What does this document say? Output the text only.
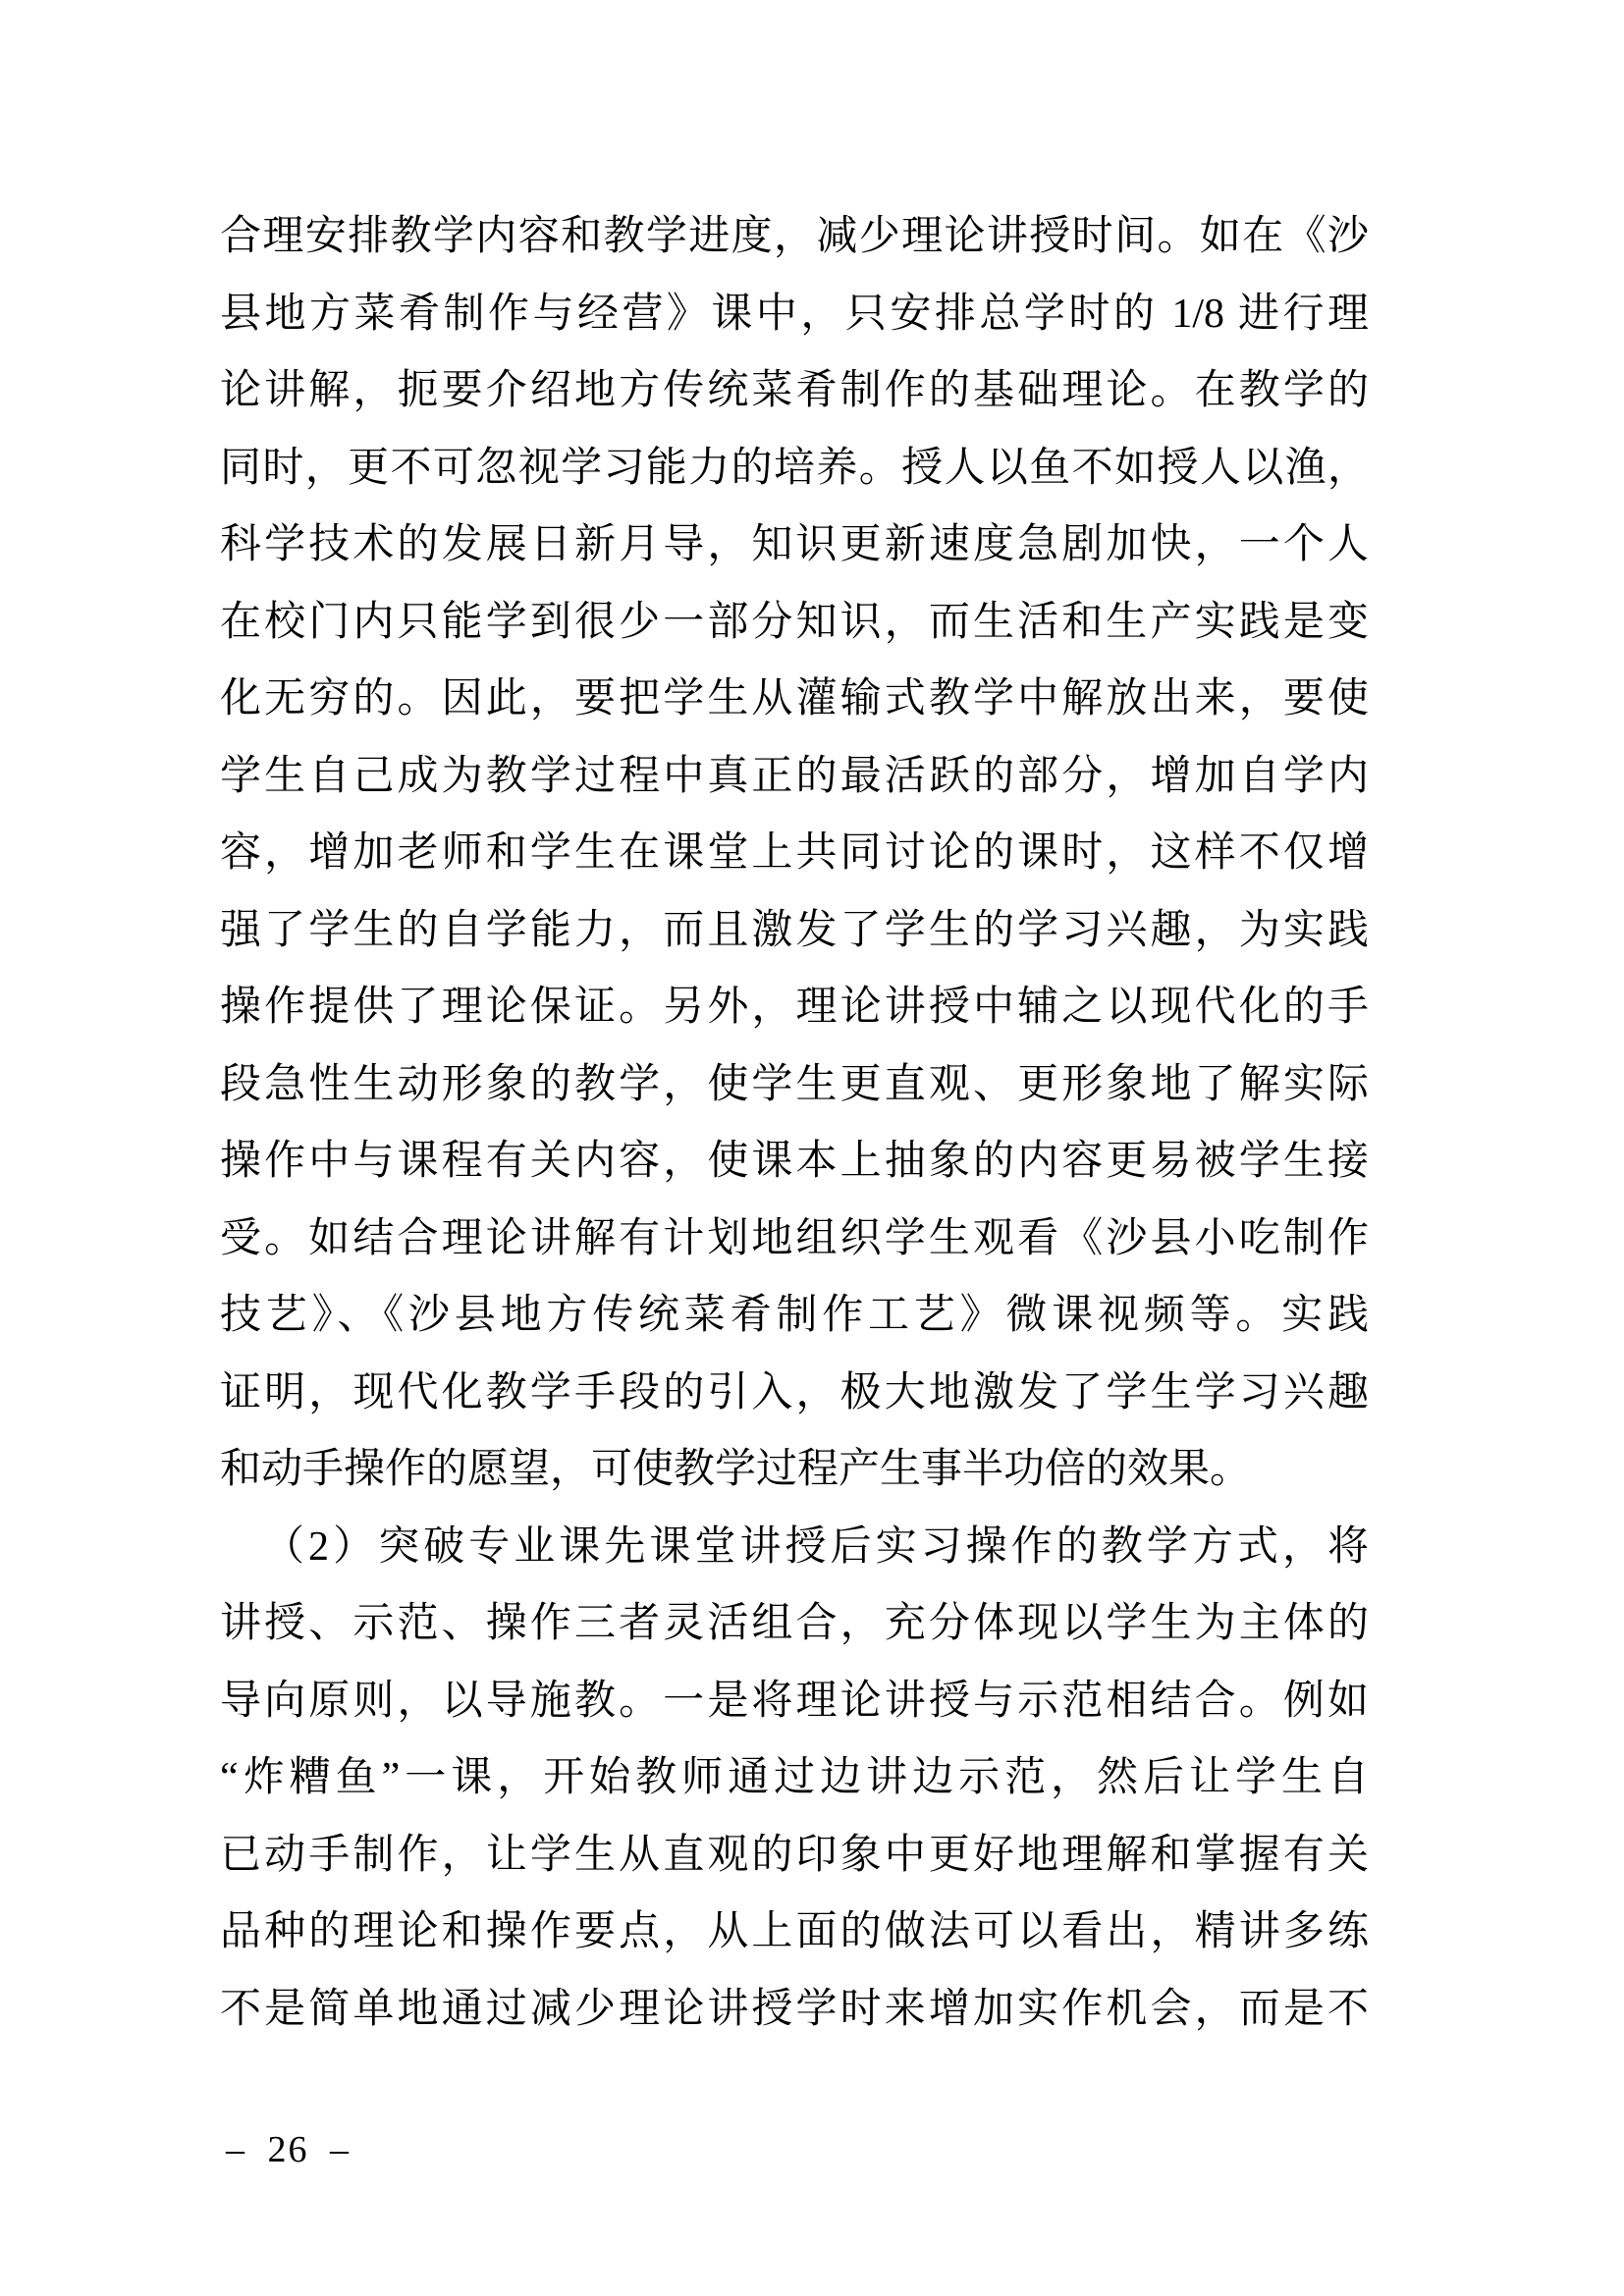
合理安排教学内容和教学进度，减少理论讲授时间。如在《沙
县地方菜肴制作与经营》课中，只安排总学时的 1/8 进行理
论讲解，扼要介绍地方传统菜肴制作的基础理论。在教学的
同时，更不可忽视学习能力的培养。授人以鱼不如授人以渔，
科学技术的发展日新月导，知识更新速度急剧加快，一个人
在校门内只能学到很少一部分知识，而生活和生产实践是变
化无穷的。因此，要把学生从灌输式教学中解放出来，要使
学生自己成为教学过程中真正的最活跃的部分，增加自学内
容，增加老师和学生在课堂上共同讨论的课时，这样不仅增
强了学生的自学能力，而且激发了学生的学习兴趣，为实践
操作提供了理论保证。另外，理论讲授中辅之以现代化的手
段急性生动形象的教学，使学生更直观、更形象地了解实际
操作中与课程有关内容，使课本上抽象的内容更易被学生接
受。如结合理论讲解有计划地组织学生观看《沙县小吃制作
技艺》、《沙县地方传统菜肴制作工艺》微课视频等。实践
证明，现代化教学手段的引入，极大地激发了学生学习兴趣
和动手操作的愿望，可使教学过程产生事半功倍的效果。
（2）突破专业课先课堂讲授后实习操作的教学方式，将
讲授、示范、操作三者灵活组合，充分体现以学生为主体的
导向原则，以导施教。一是将理论讲授与示范相结合。例如
“炸糟鱼”一课，开始教师通过边讲边示范，然后让学生自
已动手制作，让学生从直观的印象中更好地理解和掌握有关
品种的理论和操作要点，从上面的做法可以看出，精讲多练
不是简单地通过减少理论讲授学时来增加实作机会，而是不
– 26 –
